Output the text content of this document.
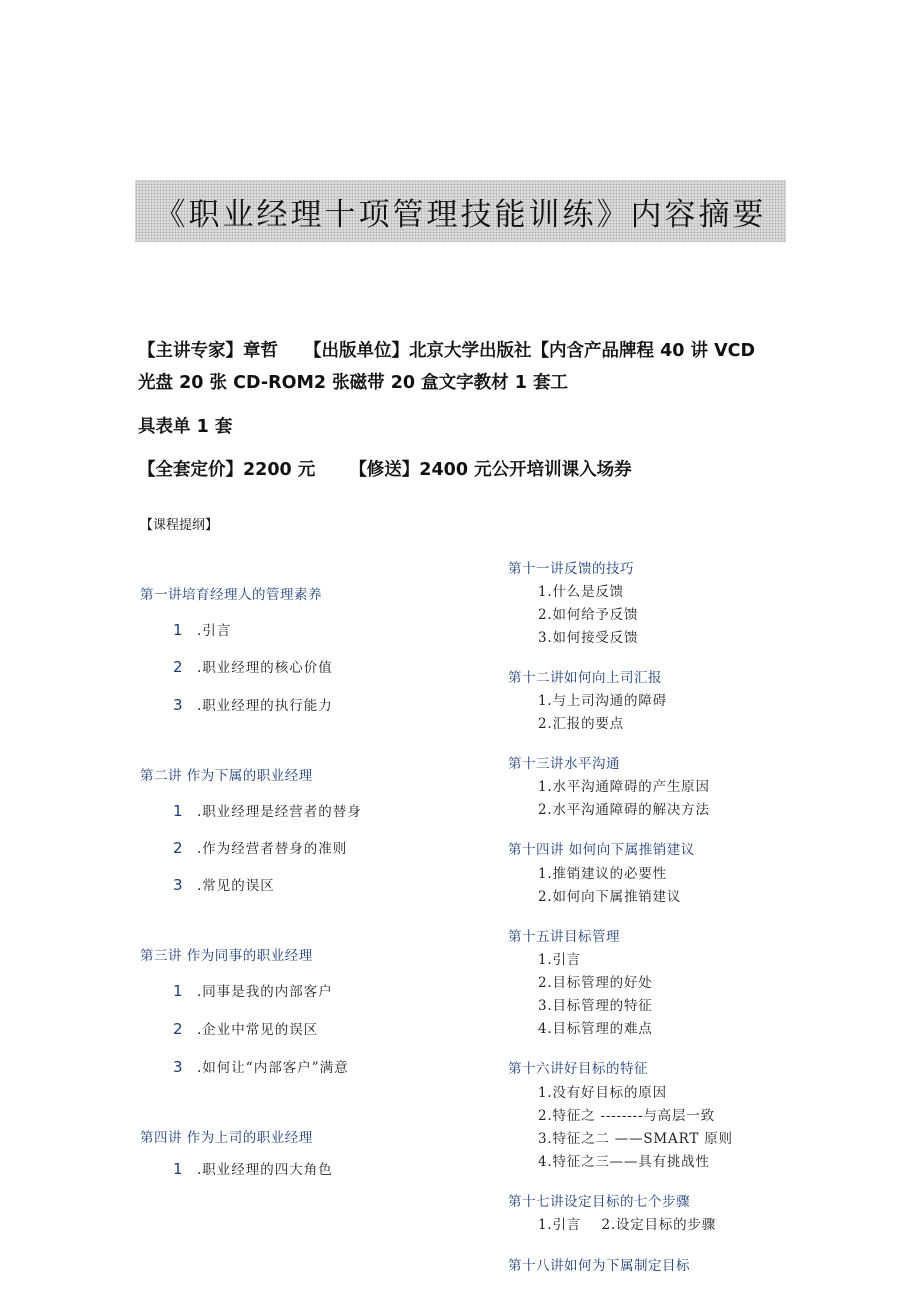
《职业经理十项管理技能训练》内容摘要
【主讲专家】章哲 【出版单位】北京大学出版社【内含产品牌程 40 讲 VCD
光盘 20 张 CD-ROM2 张磁带 20 盒文字教材 1 套工
具表单 1 套
【全套定价】2200 元 【修送】2400 元公开培训课入场券
【课程提纲】
第一讲培育经理人的管理素养
1 .引言
2 .职业经理的核心价值
3 .职业经理的执行能力
第二讲 作为下属的职业经理
1 .职业经理是经营者的替身
2 .作为经营者替身的准则
3 .常见的误区
第三讲 作为同事的职业经理
1 .同事是我的内部客户
2 .企业中常见的误区
3 .如何让“内部客户”满意
第四讲 作为上司的职业经理
1 .职业经理的四大角色
第十一讲反馈的技巧
1.什么是反馈
2.如何给予反馈
3.如何接受反馈
第十二讲如何向上司汇报
1.与上司沟通的障碍
2.汇报的要点
第十三讲水平沟通
1.水平沟通障碍的产生原因
2.水平沟通障碍的解决方法
第十四讲 如何向下属推销建议
1.推销建议的必要性
2.如何向下属推销建议
第十五讲目标管理
1.引言
2.目标管理的好处
3.目标管理的特征
4.目标管理的难点
第十六讲好目标的特征
1.没有好目标的原因
2.特征之 --------与高层一致
3.特征之二 ——SMART 原则
4.特征之三——具有挑战性
第十七讲设定目标的七个步骤
1.引言    2.设定目标的步骤
第十八讲如何为下属制定目标
